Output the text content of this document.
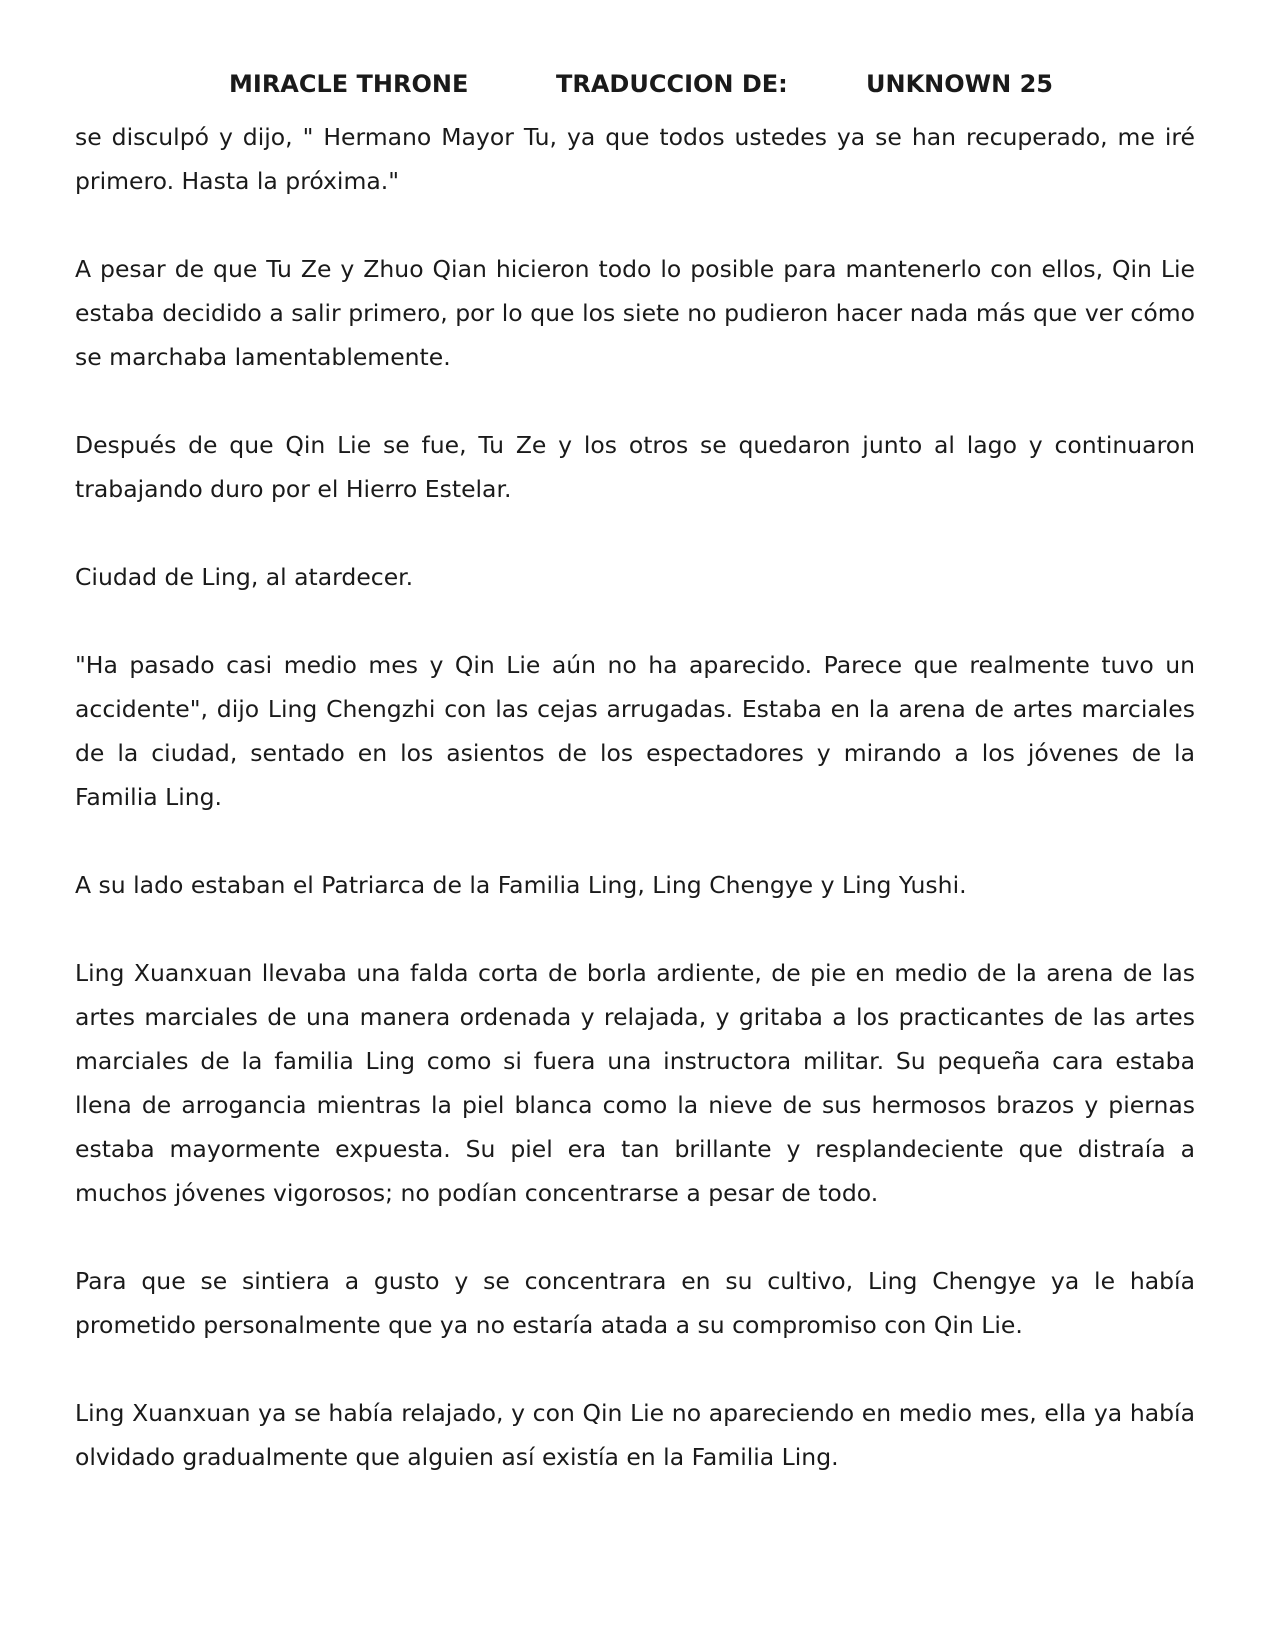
MIRACLE THRONE	TRADUCCION DE:	UNKNOWN 25

se disculpó y dijo, " Hermano Mayor Tu, ya que todos ustedes ya se han recuperado, me iré primero. Hasta la próxima."

A pesar de que Tu Ze y Zhuo Qian hicieron todo lo posible para mantenerlo con ellos, Qin Lie estaba decidido a salir primero, por lo que los siete no pudieron hacer nada más que ver cómo se marchaba lamentablemente.

Después de que Qin Lie se fue, Tu Ze y los otros se quedaron junto al lago y continuaron trabajando duro por el Hierro Estelar.

Ciudad de Ling, al atardecer.

"Ha pasado casi medio mes y Qin Lie aún no ha aparecido. Parece que realmente tuvo un accidente", dijo Ling Chengzhi con las cejas arrugadas. Estaba en la arena de artes marciales de la ciudad, sentado en los asientos de los espectadores y mirando a los jóvenes de la Familia Ling.

A su lado estaban el Patriarca de la Familia Ling, Ling Chengye y Ling Yushi.

Ling Xuanxuan llevaba una falda corta de borla ardiente, de pie en medio de la arena de las artes marciales de una manera ordenada y relajada, y gritaba a los practicantes de las artes marciales de la familia Ling como si fuera una instructora militar. Su pequeña cara estaba llena de arrogancia mientras la piel blanca como la nieve de sus hermosos brazos y piernas estaba mayormente expuesta. Su piel era tan brillante y resplandeciente que distraía a muchos jóvenes vigorosos; no podían concentrarse a pesar de todo.

Para que se sintiera a gusto y se concentrara en su cultivo, Ling Chengye ya le había prometido personalmente que ya no estaría atada a su compromiso con Qin Lie.

Ling Xuanxuan ya se había relajado, y con Qin Lie no apareciendo en medio mes, ella ya había olvidado gradualmente que alguien así existía en la Familia Ling.
